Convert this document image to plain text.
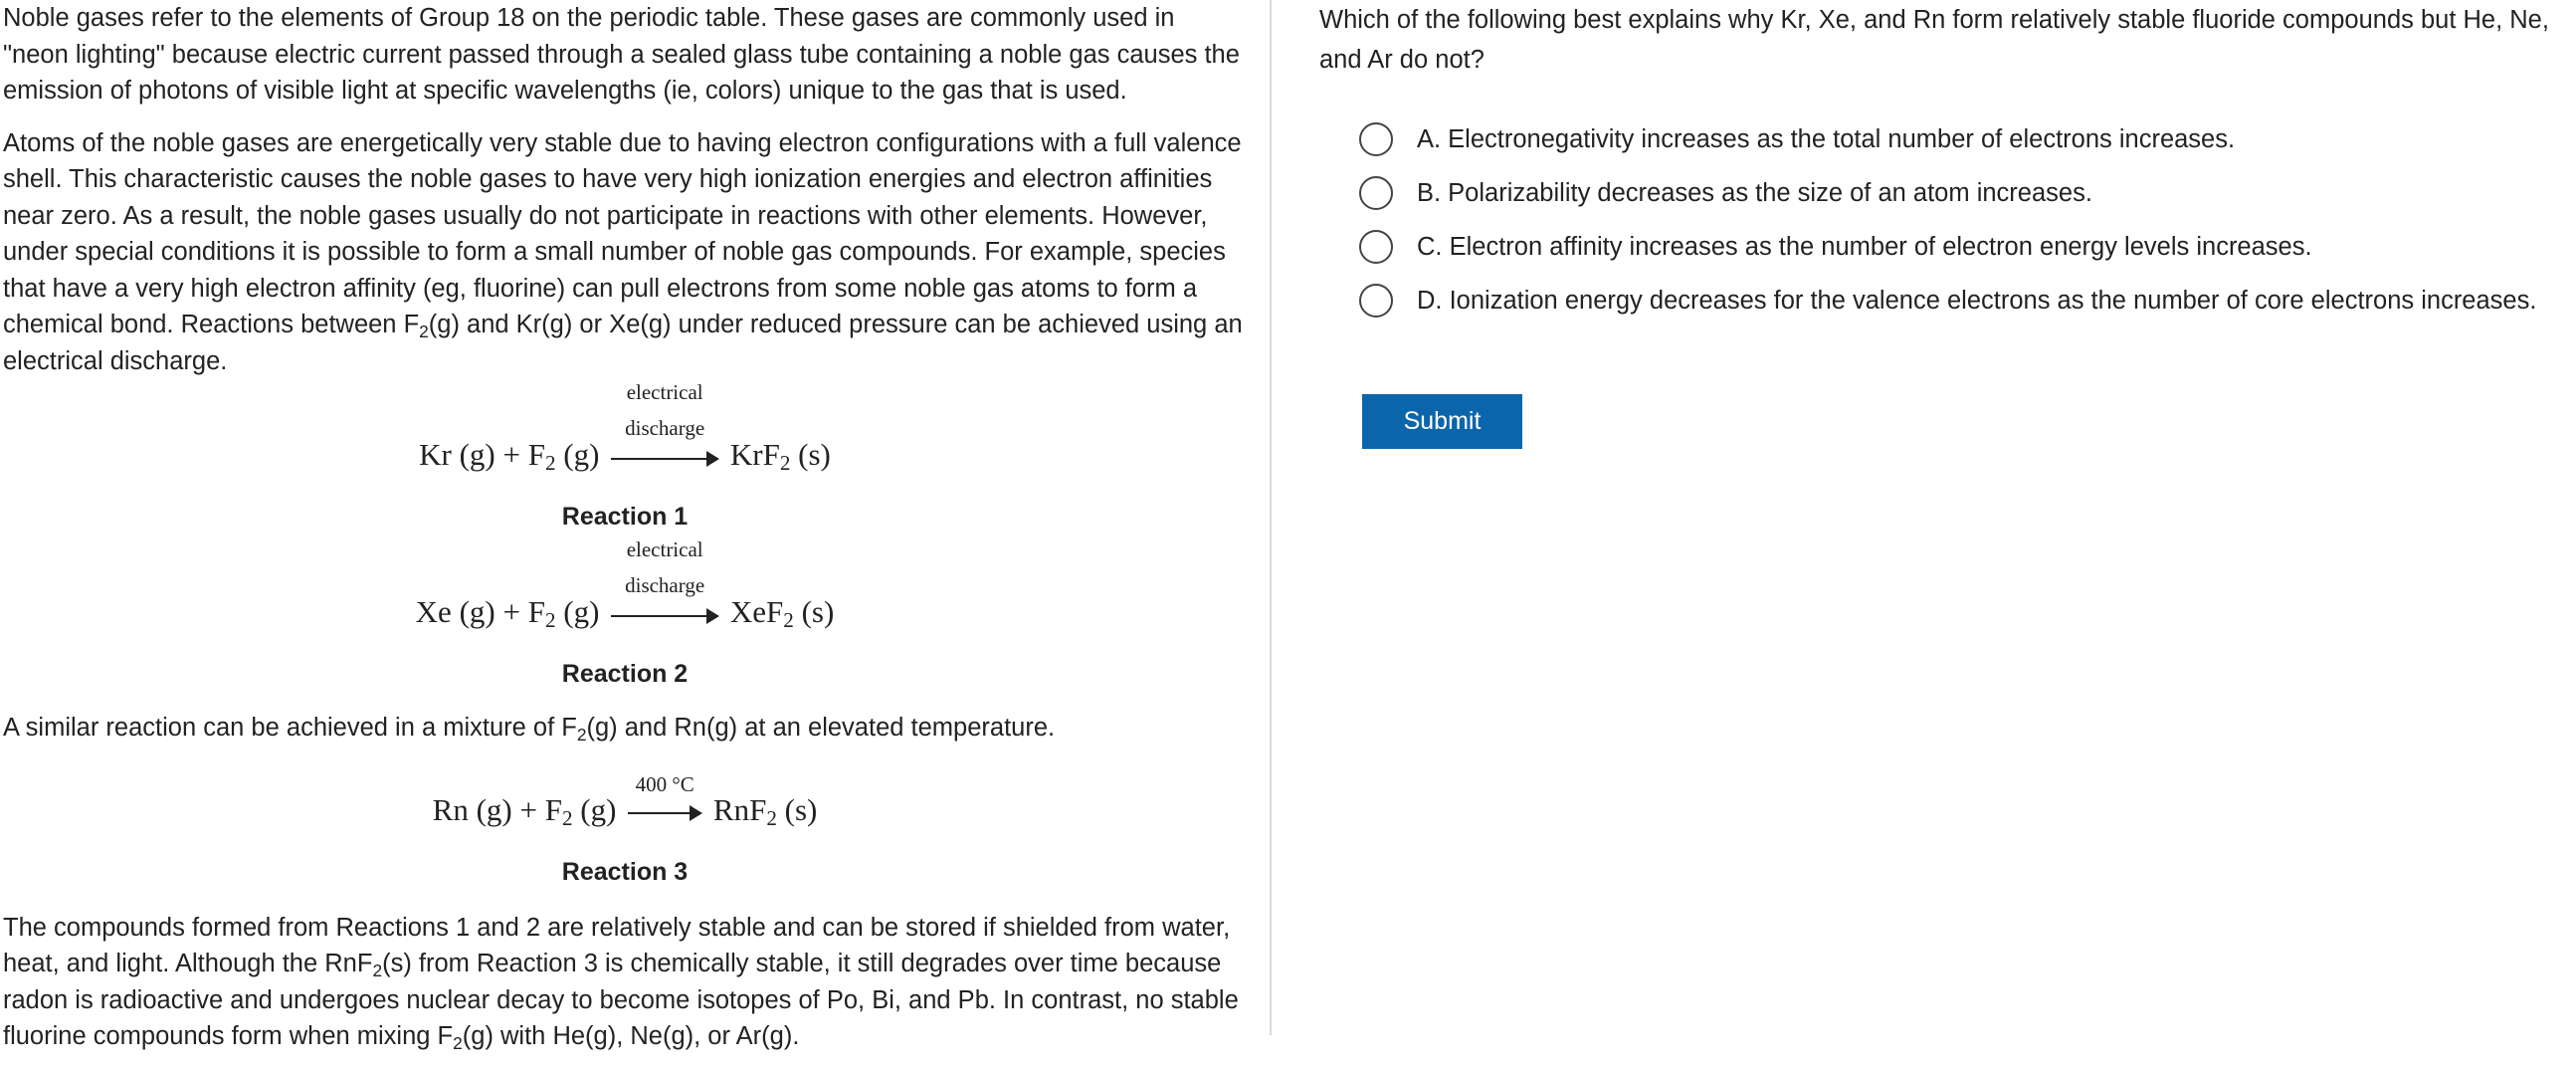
Noble gases refer to the elements of Group 18 on the periodic table. These gases are commonly used in "neon lighting" because electric current passed through a sealed glass tube containing a noble gas causes the emission of photons of visible light at specific wavelengths (ie, colors) unique to the gas that is used.

Atoms of the noble gases are energetically very stable due to having electron configurations with a full valence shell. This characteristic causes the noble gases to have very high ionization energies and electron affinities near zero. As a result, the noble gases usually do not participate in reactions with other elements. However, under special conditions it is possible to form a small number of noble gas compounds. For example, species that have a very high electron affinity (eg, fluorine) can pull electrons from some noble gas atoms to form a chemical bond. Reactions between $F_2(g)$ and Kr(g) or Xe(g) under reduced pressure can be achieved using an electrical discharge.

Kr $(g) + F_2$ (g)
electrical
discharge
KrF$_2$ (s)
Reaction 1
Xe $(g) + F_2$ (g)
electrical
discharge
XeF$_2$ (s)
Reaction 2

A similar reaction can be achieved in a mixture of $F_2(g)$ and Rn(g) at an elevated temperature.

Rn $(g) + F_2$ (g)
400 °C
RnF$_2$ (s)
Reaction 3

The compounds formed from Reactions 1 and 2 are relatively stable and can be stored if shielded from water, heat, and light. Although the RnF$_2$(s) from Reaction 3 is chemically stable, it still degrades over time because radon is radioactive and undergoes nuclear decay to become isotopes of Po, Bi, and Pb. In contrast, no stable fluorine compounds form when mixing $F_2(g)$ with He(g), Ne(g), or Ar(g).

Which of the following best explains why Kr, Xe, and Rn form relatively stable fluoride compounds but He, Ne, and Ar do not?
A. Electronegativity increases as the total number of electrons increases.
B. Polarizability decreases as the size of an atom increases.
C. Electron affinity increases as the number of electron energy levels increases.
D. Ionization energy decreases for the valence electrons as the number of core electrons increases.
Submit
